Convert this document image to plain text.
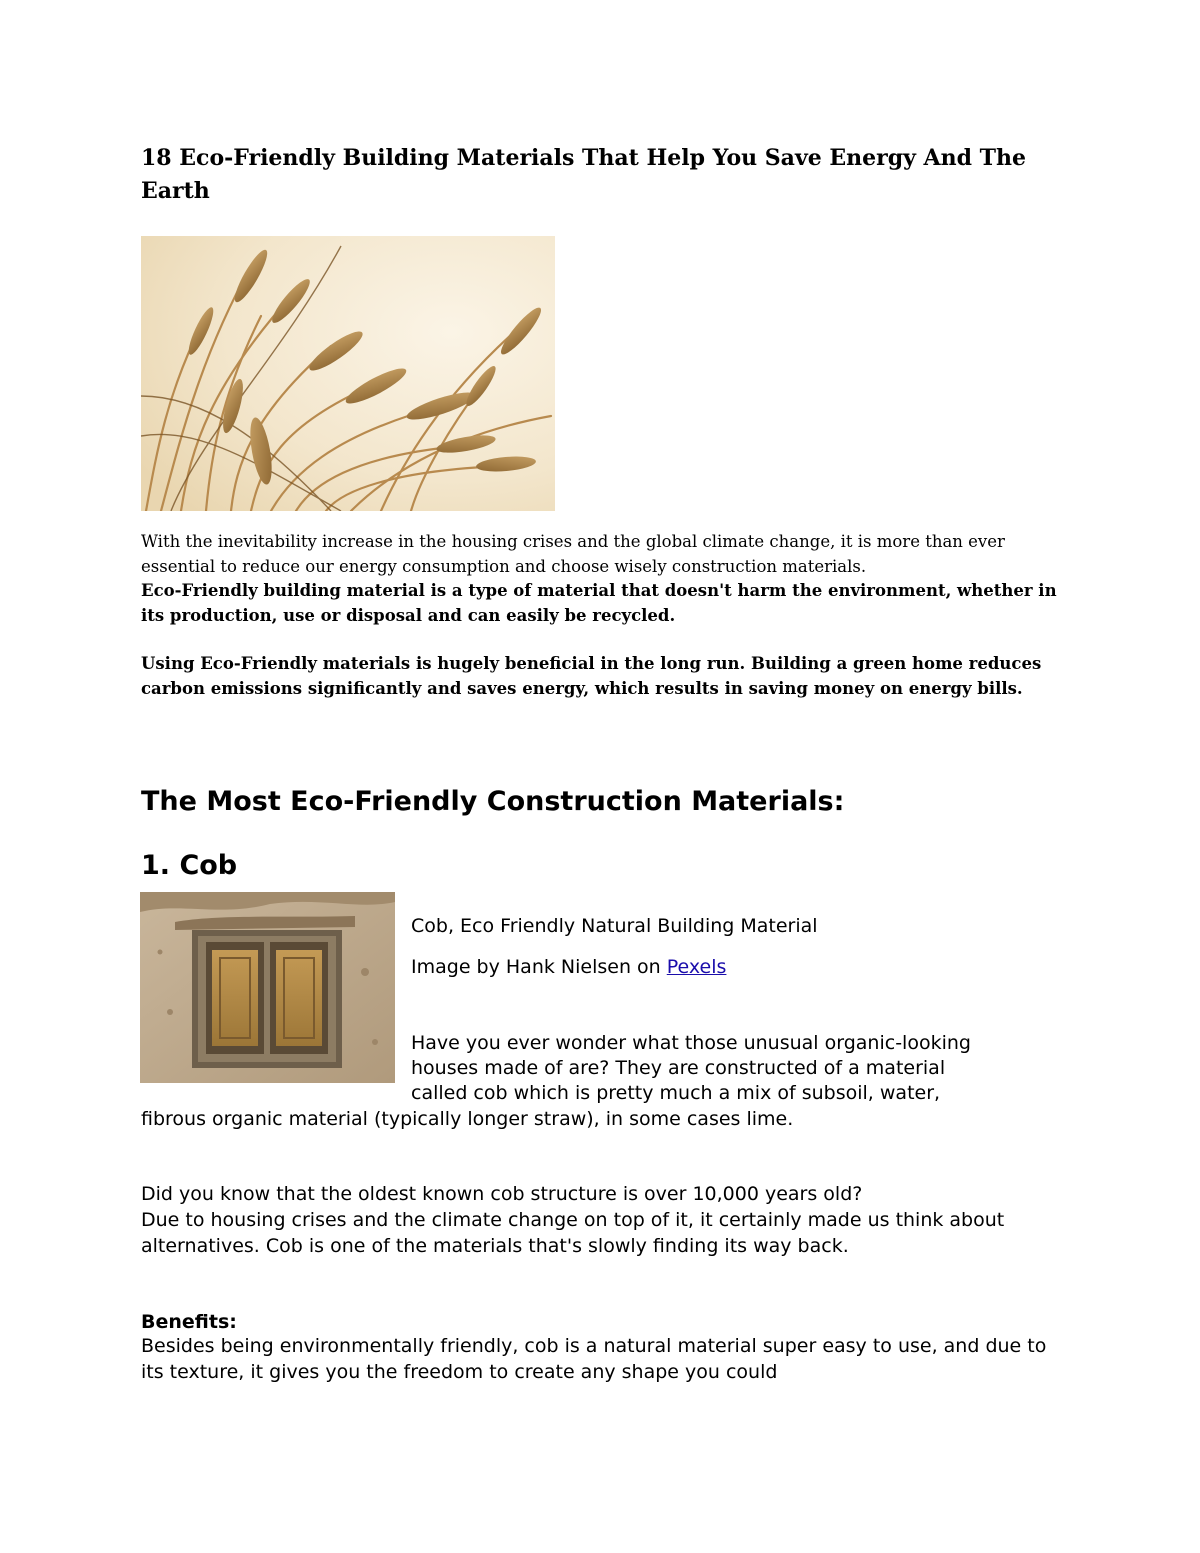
18 Eco-Friendly Building Materials That Help You Save Energy And The Earth

With the inevitability increase in the housing crises and the global climate change, it is more than ever essential to reduce our energy consumption and choose wisely construction materials.

Eco-Friendly building material is a type of material that doesn't harm the environment, whether in its production, use or disposal and can easily be recycled.

Using Eco-Friendly materials is hugely beneficial in the long run. Building a green home reduces carbon emissions significantly and saves energy, which results in saving money on energy bills.

The Most Eco-Friendly Construction Materials:
1. Cob
Cob, Eco Friendly Natural Building Material
Image by Hank Nielsen on Pexels
Have you ever wonder what those unusual organic-looking
houses made of are? They are constructed of a material
called cob which is pretty much a mix of subsoil, water,
fibrous organic material (typically longer straw), in some cases lime.

Did you know that the oldest known cob structure is over 10,000 years old?

Due to housing crises and the climate change on top of it, it certainly made us think about alternatives. Cob is one of the materials that's slowly finding its way back.

Benefits:
Besides being environmentally friendly, cob is a natural material super easy to use, and due to its texture, it gives you the freedom to create any shape you could
